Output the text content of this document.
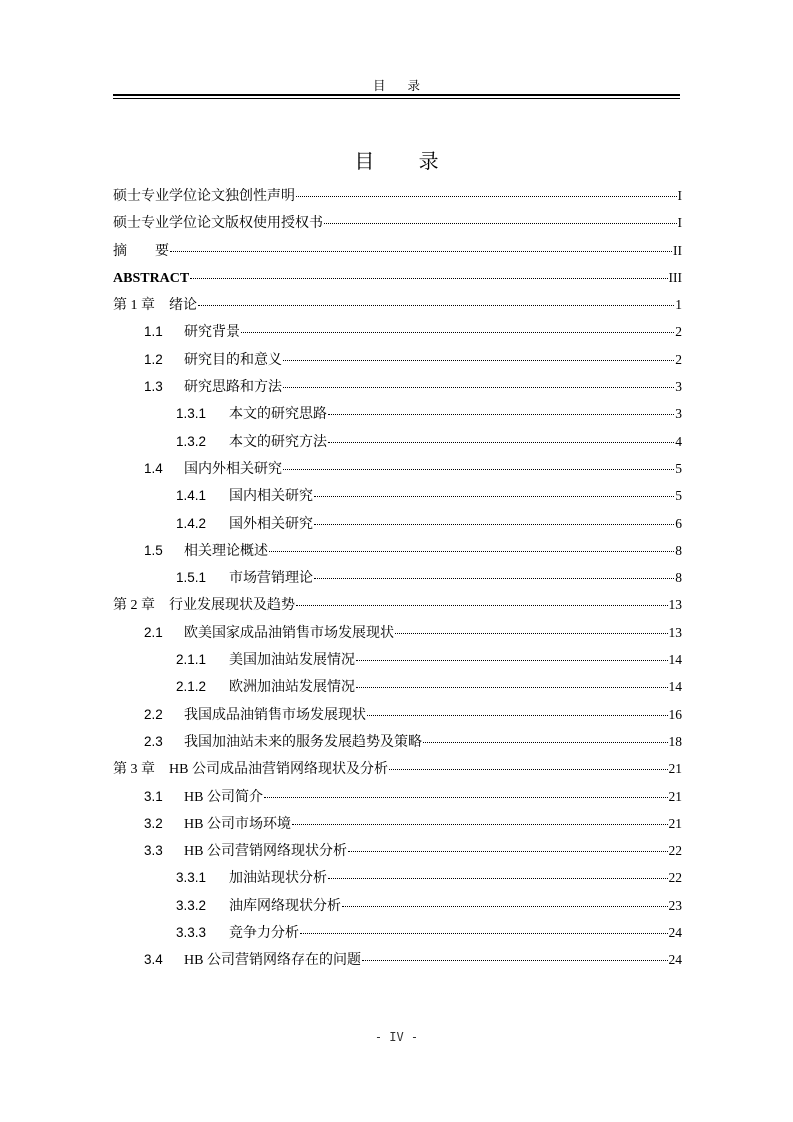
目 录
目 录
硕士专业学位论文独创性声明	I
硕士专业学位论文版权使用授权书	I
摘　　要	II
ABSTRACT	III
第 1 章 　绪论	1
1.1	研究背景	2
1.2	研究目的和意义	2
1.3	研究思路和方法	3
1.3.1	本文的研究思路	3
1.3.2	本文的研究方法	4
1.4	国内外相关研究	5
1.4.1	国内相关研究	5
1.4.2	国外相关研究	6
1.5	相关理论概述	8
1.5.1	市场营销理论	8
第 2 章 　行业发展现状及趋势	13
2.1	欧美国家成品油销售市场发展现状	13
2.1.1	美国加油站发展情况	14
2.1.2	欧洲加油站发展情况	14
2.2	我国成品油销售市场发展现状	16
2.3	我国加油站未来的服务发展趋势及策略	18
第 3 章 　HB 公司成品油营销网络现状及分析	21
3.1	HB 公司简介	21
3.2	HB 公司市场环境	21
3.3	HB 公司营销网络现状分析	22
3.3.1	加油站现状分析	22
3.3.2	油库网络现状分析	23
3.3.3	竞争力分析	24
3.4	HB 公司营销网络存在的问题	24
- IV -
